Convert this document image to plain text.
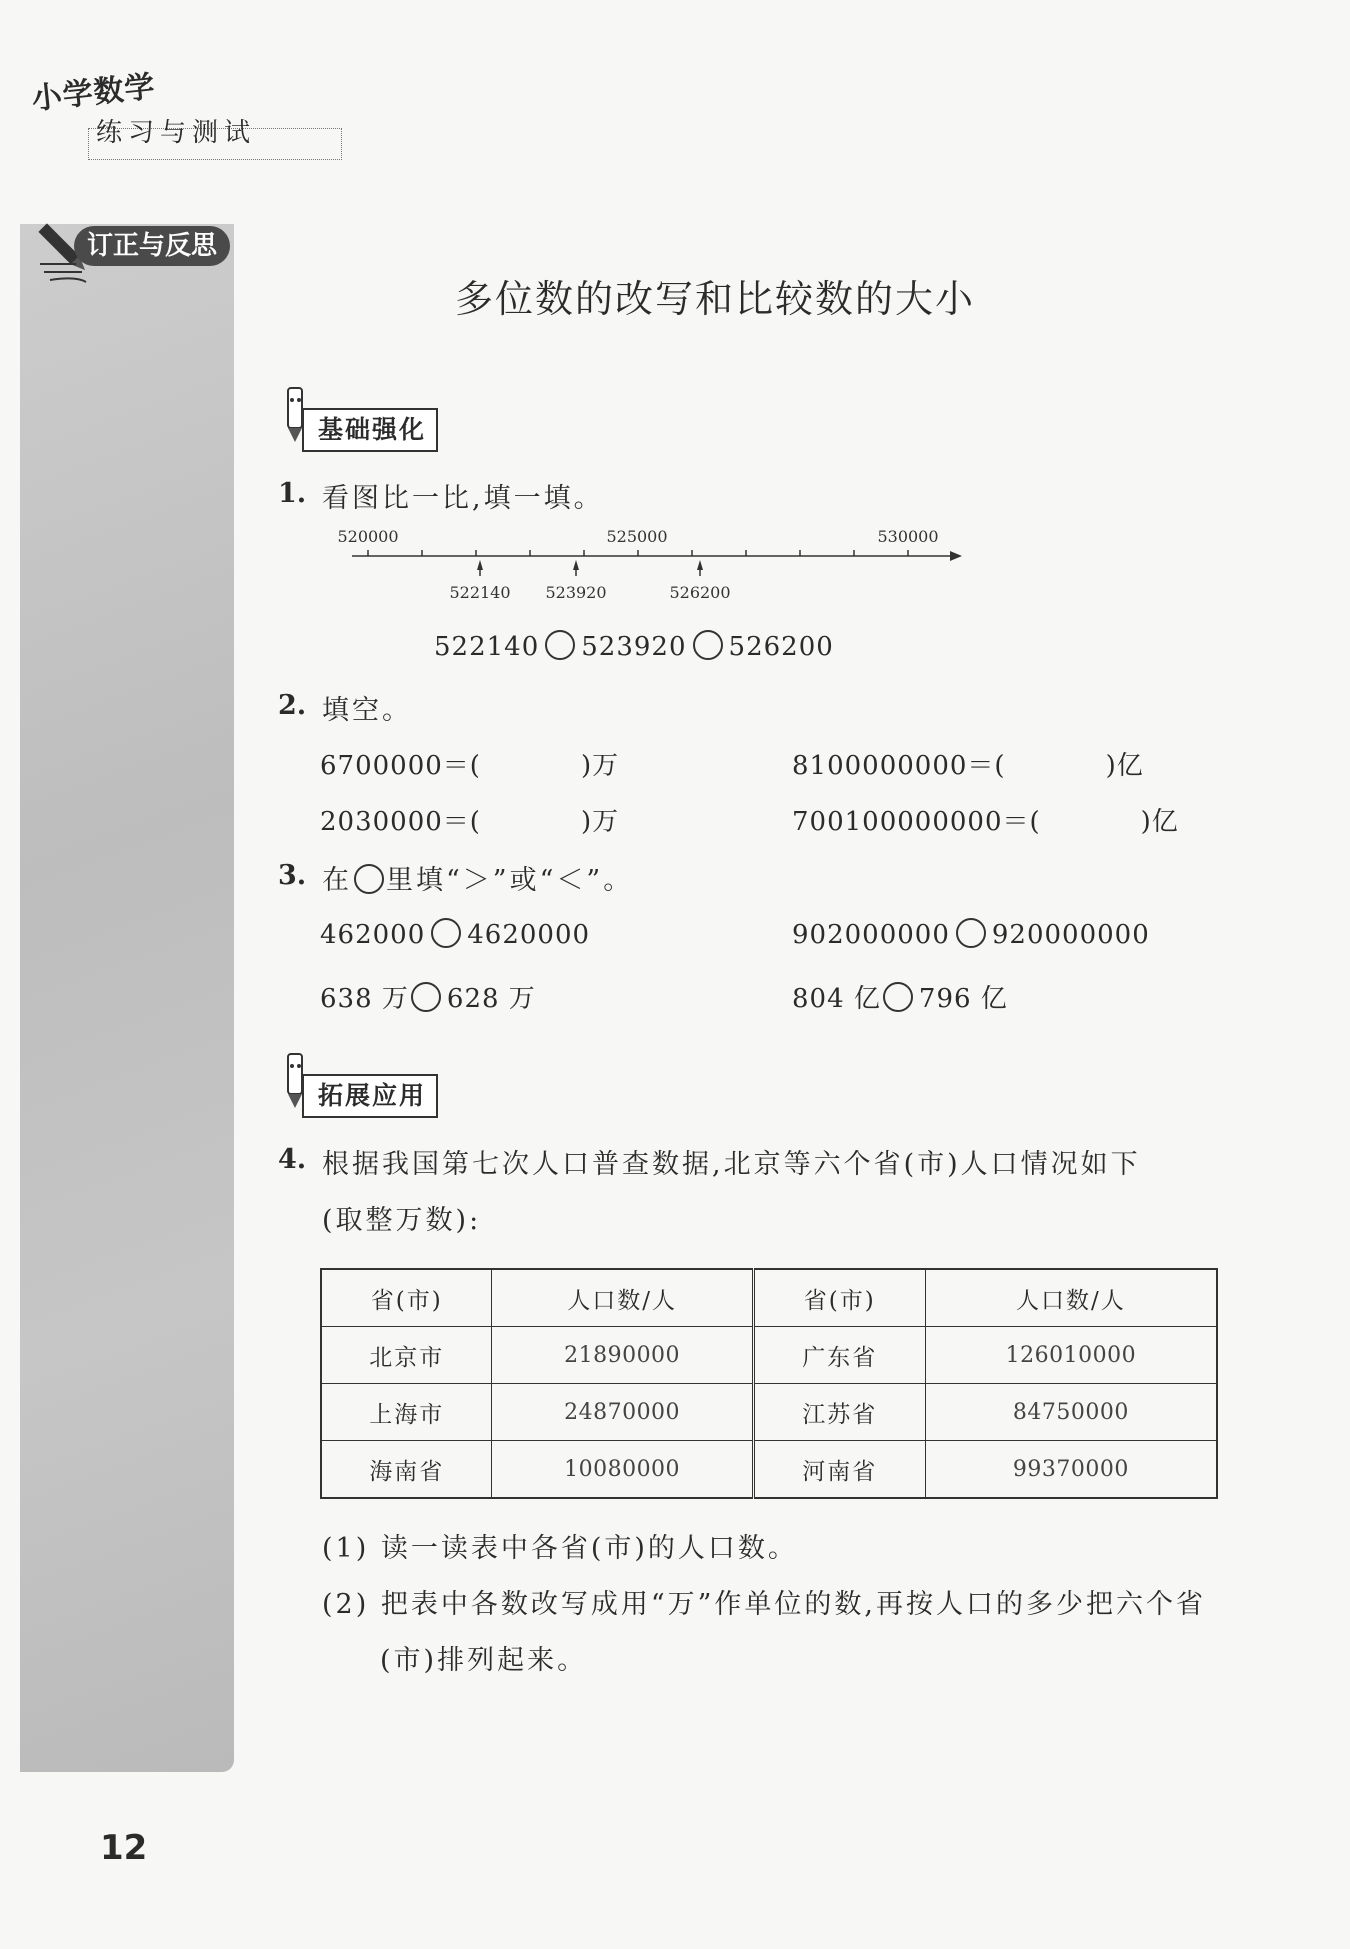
小学数学
练习与测试
订正与反思
多位数的改写和比较数的大小
基础强化
1. 看图比一比,填一填。
520000	525000	530000
522140 523920	526200
522140 523920 526200
2. 填空。
6700000＝(	)万	8100000000＝(	)亿
2030000＝(	)万	700100000000＝(	)亿
3. 在 里填“＞”或“＜”。
462000 4620000	902000000 920000000
638 万 628 万	804 亿 796 亿
拓展应用
4. 根据我国第七次人口普查数据,北京等六个省(市)人口情况如下
(取整万数):
省(市)	人口数/人	省(市)	人口数/人
北京市	21890000	广东省	126010000
上海市	24870000	江苏省	84750000
海南省	10080000	河南省	99370000
(1) 读一读表中各省(市)的人口数。
(2) 把表中各数改写成用“万”作单位的数,再按人口的多少把六个省
(市)排列起来。
12
